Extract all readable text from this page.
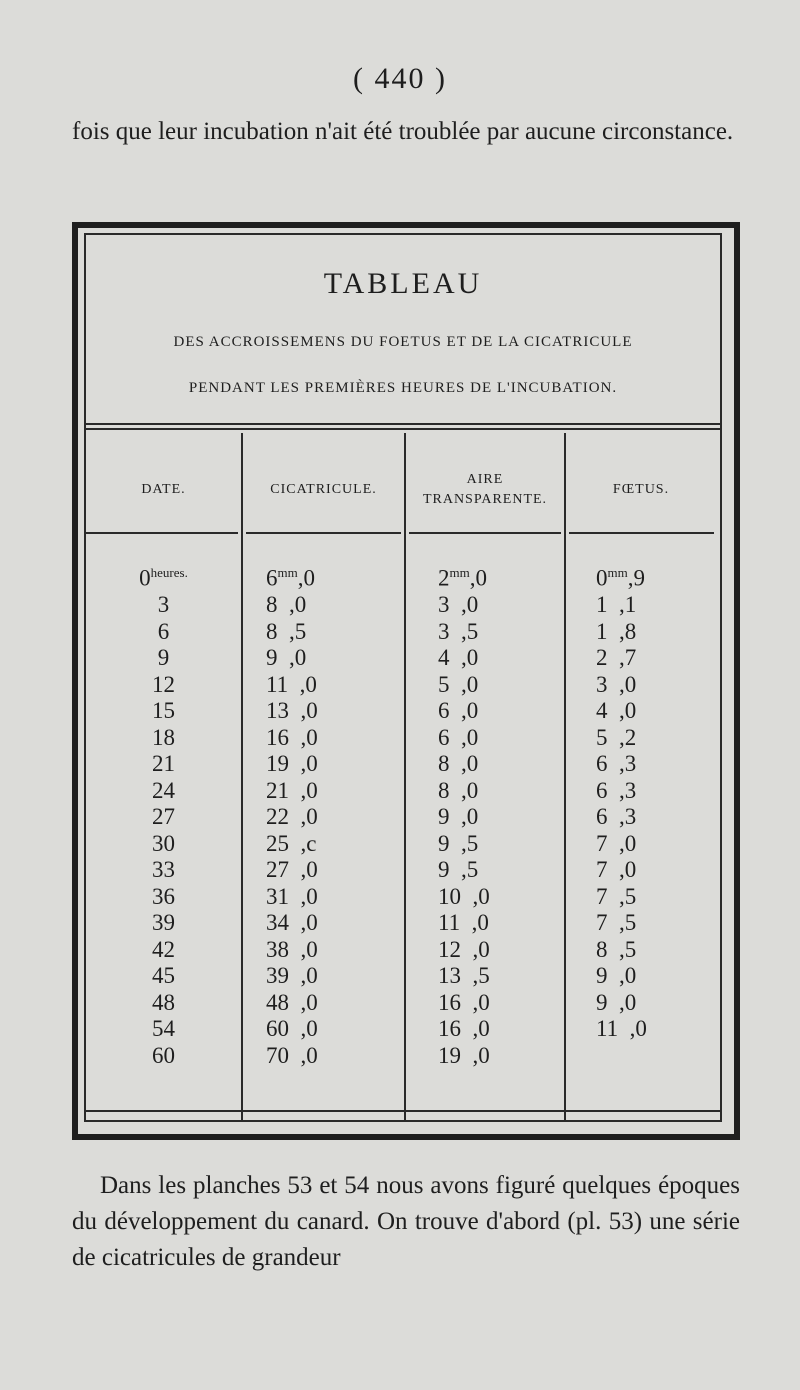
( 440 )
fois que leur incubation n'ait été troublée par aucune circonstance.
TABLEAU
DES ACCROISSEMENS DU FOETUS ET DE LA CICATRICULE
PENDANT LES PREMIÈRES HEURES DE L'INCUBATION.
DATE.	CICATRICULE.
AIRE
TRANSPARENTE.
FŒTUS.
$0^{heures.}$
3
6
9
12
15
18
21
24
27
30
33
36
39
42
45
48
54
60
$6^{mm},0$
8 ,0
8 ,5
9 ,0
11 ,0
13 ,0
16 ,0
19 ,0
21 ,0
22 ,0
25 ,c
27 ,0
31 ,0
34 ,0
38 ,0
39 ,0
48 ,0
60 ,0
70 ,0
$2^{mm},0$
3 ,0
3 ,5
4 ,0
5 ,0
6 ,0
6 ,0
8 ,0
8 ,0
9 ,0
9 ,5
9 ,5
10 ,0
11 ,0
12 ,0
13 ,5
16 ,0
16 ,0
19 ,0
$0^{mm},9$
1 ,1
1 ,8
2 ,7
3 ,0
4 ,0
5 ,2
6 ,3
6 ,3
6 ,3
7 ,0
7 ,0
7 ,5
7 ,5
8 ,5
9 ,0
9 ,0
11 ,0
Dans les planches 53 et 54 nous avons figuré quelques époques du développement du canard. On trouve d'abord (pl. 53) une série de cicatricules de grandeur
